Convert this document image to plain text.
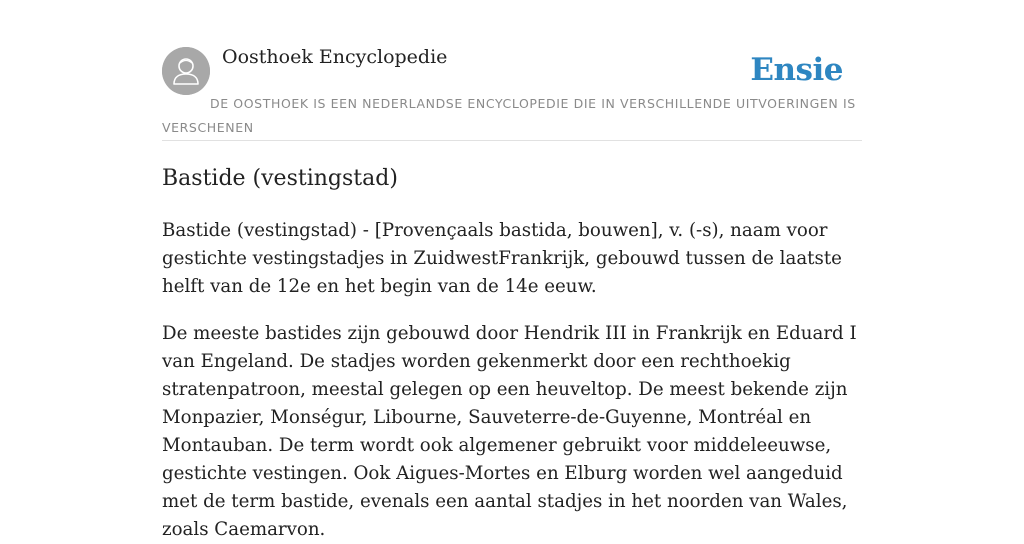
Oosthoek Encyclopedie	Ensie
DE OOSTHOEK IS EEN NEDERLANDSE ENCYCLOPEDIE DIE IN VERSCHILLENDE UITVOERINGEN IS VERSCHENEN
Bastide (vestingstad)

Bastide (vestingstad) - [Provençaals bastida, bouwen], v. (-s), naam voor gestichte vestingstadjes in ZuidwestFrankrijk, gebouwd tussen de laatste helft van de 12e en het begin van de 14e eeuw.

De meeste bastides zijn gebouwd door Hendrik III in Frankrijk en Eduard I van Engeland. De stadjes worden gekenmerkt door een rechthoekig stratenpatroon, meestal gelegen op een heuveltop. De meest bekende zijn Monpazier, Monségur, Libourne, Sauveterre-de-Guyenne, Montréal en Montauban. De term wordt ook algemener gebruikt voor middeleeuwse, gestichte vestingen. Ook Aigues-Mortes en Elburg worden wel aangeduid met de term bastide, evenals een aantal stadjes in het noorden van Wales, zoals Caemarvon.
